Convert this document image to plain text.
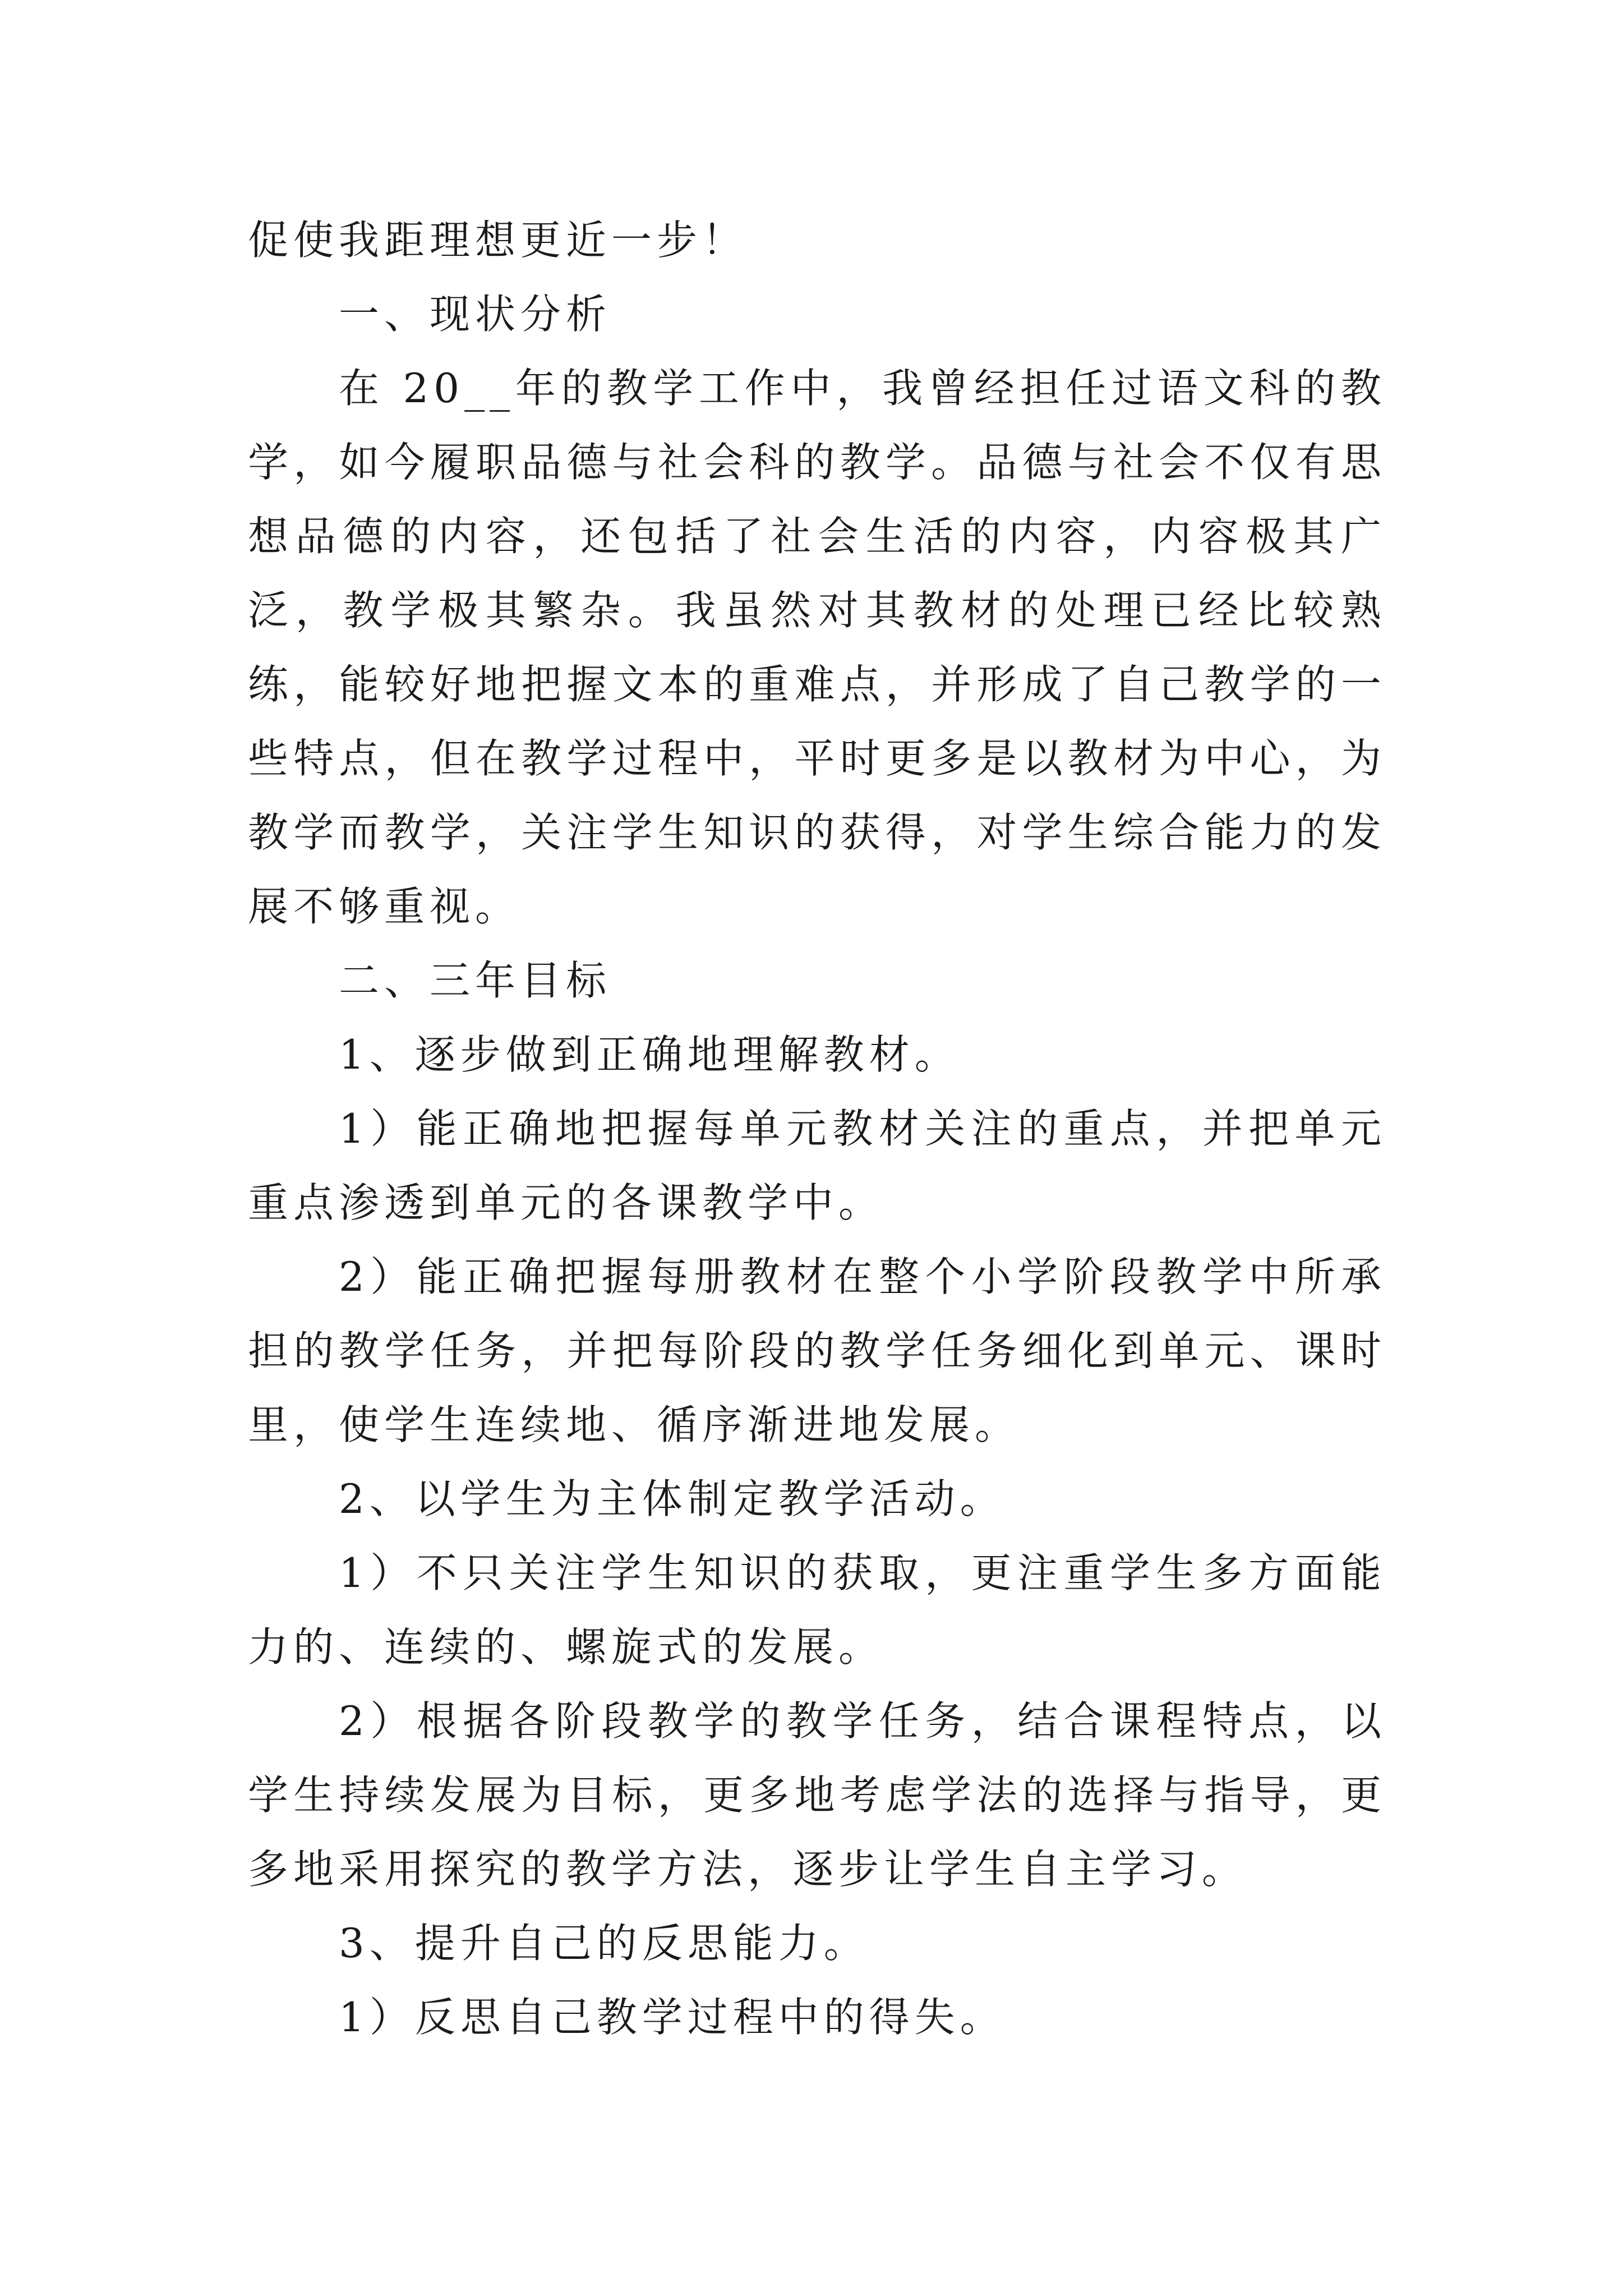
促使我距理想更近一步！

一、现状分析

在 20__年的教学工作中，我曾经担任过语文科的教学，如今履职品德与社会科的教学。品德与社会不仅有思想品德的内容，还包括了社会生活的内容，内容极其广泛，教学极其繁杂。我虽然对其教材的处理已经比较熟练，能较好地把握文本的重难点，并形成了自己教学的一些特点，但在教学过程中，平时更多是以教材为中心，为教学而教学，关注学生知识的获得，对学生综合能力的发展不够重视。

二、三年目标

1、逐步做到正确地理解教材。

1）能正确地把握每单元教材关注的重点，并把单元重点渗透到单元的各课教学中。

2）能正确把握每册教材在整个小学阶段教学中所承担的教学任务，并把每阶段的教学任务细化到单元、课时里，使学生连续地、循序渐进地发展。

2、以学生为主体制定教学活动。

1）不只关注学生知识的获取，更注重学生多方面能力的、连续的、螺旋式的发展。

2）根据各阶段教学的教学任务，结合课程特点，以学生持续发展为目标，更多地考虑学法的选择与指导，更多地采用探究的教学方法，逐步让学生自主学习。

3、提升自己的反思能力。

1）反思自己教学过程中的得失。
